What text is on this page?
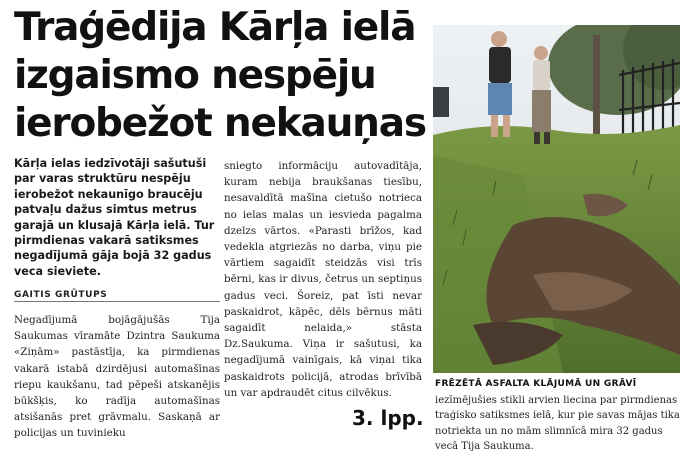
Traģēdija Kārļa ielā izgaismo nespēju ierobežot nekauņas

Kārļa ielas iedzīvotāji sašutuši par varas struktūru nespēju ierobežot nekaunīgo braucēju patvaļu dažus simtus metrus garajā un klusajā Kārļa ielā. Tur pirmdienas vakarā satiksmes negadījumā gāja bojā 32 gadus veca sieviete.

GAITIS GRŪTUPS

Negadījumā bojāgājušās Tija Saukumas vīramāte Dzintra Saukuma «Ziņām» pastāstīja, ka pirmdienas vakarā istabā dzirdējusi automašīnas riepu kaukšanu, tad pēpeši atskanējis būkšķis, ko radīja automašīnas atsišanās pret grāvmalu. Saskaņā ar policijas un tuvinieku

sniegto informāciju autovadītāja, kuram nebija braukšanas tiesību, nesavaldītā mašīna cietušo notrieca no ielas malas un iesvieda pagalma dzelzs vārtos. «Parasti brīžos, kad vedekla atgriezās no darba, viņu pie vārtiem sagaidīt steidzās visi trīs bērni, kas ir divus, četrus un septiņus gadus veci. Šoreiz, pat īsti nevar paskaidrot, kāpēc, dēls bērnus māti sagaidīt nelaida,» stāsta Dz.Saukuma. Viņa ir sašutusi, ka negadījumā vainīgais, kā viņai tika paskaidrots policijā, atrodas brīvībā un var apdraudēt citus cilvēkus.

3. lpp.

FRĒZĒTĀ ASFALTA KLĀJUMĀ UN GRĀVĪ iezīmējušies stikli arvien liecina par pirmdienas traģisko satiksmes ielā, kur pie savas mājas tika notriekta un no mām slimnīcā mira 32 gadus vecā Tija Saukuma.
